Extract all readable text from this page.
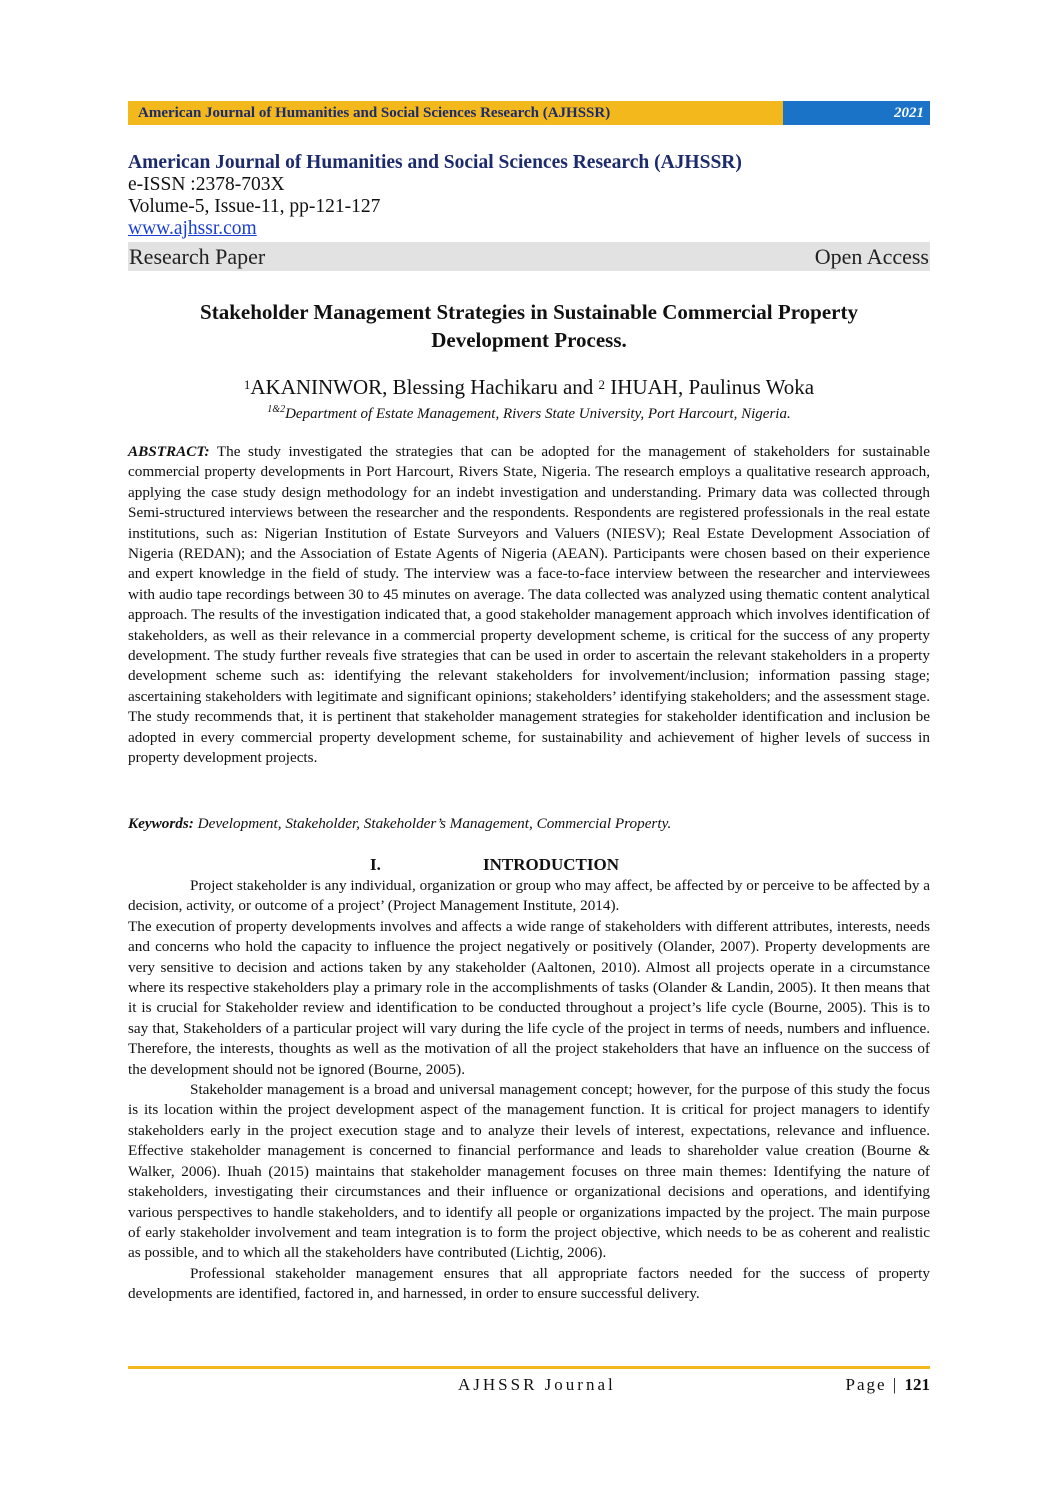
American Journal of Humanities and Social Sciences Research (AJHSSR)	2021
American Journal of Humanities and Social Sciences Research (AJHSSR)
e-ISSN :2378-703X
Volume-5, Issue-11, pp-121-127
www.ajhssr.com
Research Paper	Open Access
Stakeholder Management Strategies in Sustainable Commercial Property
Development Process.
$^1$AKANINWOR, Blessing Hachikaru and $^2$ IHUAH, Paulinus Woka
$^{1\&2}$Department of Estate Management, Rivers State University, Port Harcourt, Nigeria.
ABSTRACT: The study investigated the strategies that can be adopted for the management of stakeholders for sustainable commercial property developments in Port Harcourt, Rivers State, Nigeria. The research employs a qualitative research approach, applying the case study design methodology for an indebt investigation and understanding. Primary data was collected through Semi-structured interviews between the researcher and the respondents. Respondents are registered professionals in the real estate institutions, such as: Nigerian Institution of Estate Surveyors and Valuers (NIESV); Real Estate Development Association of Nigeria (REDAN); and the Association of Estate Agents of Nigeria (AEAN). Participants were chosen based on their experience and expert knowledge in the field of study. The interview was a face-to-face interview between the researcher and interviewees with audio tape recordings between 30 to 45 minutes on average. The data collected was analyzed using thematic content analytical approach. The results of the investigation indicated that, a good stakeholder management approach which involves identification of stakeholders, as well as their relevance in a commercial property development scheme, is critical for the success of any property development. The study further reveals five strategies that can be used in order to ascertain the relevant stakeholders in a property development scheme such as: identifying the relevant stakeholders for involvement/inclusion; information passing stage; ascertaining stakeholders with legitimate and significant opinions; stakeholders’ identifying stakeholders; and the assessment stage. The study recommends that, it is pertinent that stakeholder management strategies for stakeholder identification and inclusion be adopted in every commercial property development scheme, for sustainability and achievement of higher levels of success in property development projects.
Keywords: Development, Stakeholder, Stakeholder’s Management, Commercial Property.
I.	INTRODUCTION

Project stakeholder is any individual, organization or group who may affect, be affected by or perceive to be affected by a decision, activity, or outcome of a project’ (Project Management Institute, 2014).

The execution of property developments involves and affects a wide range of stakeholders with different attributes, interests, needs and concerns who hold the capacity to influence the project negatively or positively (Olander, 2007). Property developments are very sensitive to decision and actions taken by any stakeholder (Aaltonen, 2010). Almost all projects operate in a circumstance where its respective stakeholders play a primary role in the accomplishments of tasks (Olander & Landin, 2005). It then means that it is crucial for Stakeholder review and identification to be conducted throughout a project’s life cycle (Bourne, 2005). This is to say that, Stakeholders of a particular project will vary during the life cycle of the project in terms of needs, numbers and influence. Therefore, the interests, thoughts as well as the motivation of all the project stakeholders that have an influence on the success of the development should not be ignored (Bourne, 2005).

Stakeholder management is a broad and universal management concept; however, for the purpose of this study the focus is its location within the project development aspect of the management function. It is critical for project managers to identify stakeholders early in the project execution stage and to analyze their levels of interest, expectations, relevance and influence. Effective stakeholder management is concerned to financial performance and leads to shareholder value creation (Bourne & Walker, 2006). Ihuah (2015) maintains that stakeholder management focuses on three main themes: Identifying the nature of stakeholders, investigating their circumstances and their influence or organizational decisions and operations, and identifying various perspectives to handle stakeholders, and to identify all people or organizations impacted by the project. The main purpose of early stakeholder involvement and team integration is to form the project objective, which needs to be as coherent and realistic as possible, and to which all the stakeholders have contributed (Lichtig, 2006).

Professional stakeholder management ensures that all appropriate factors needed for the success of property developments are identified, factored in, and harnessed, in order to ensure successful delivery.

AJHSSR Journal	Page | 121
